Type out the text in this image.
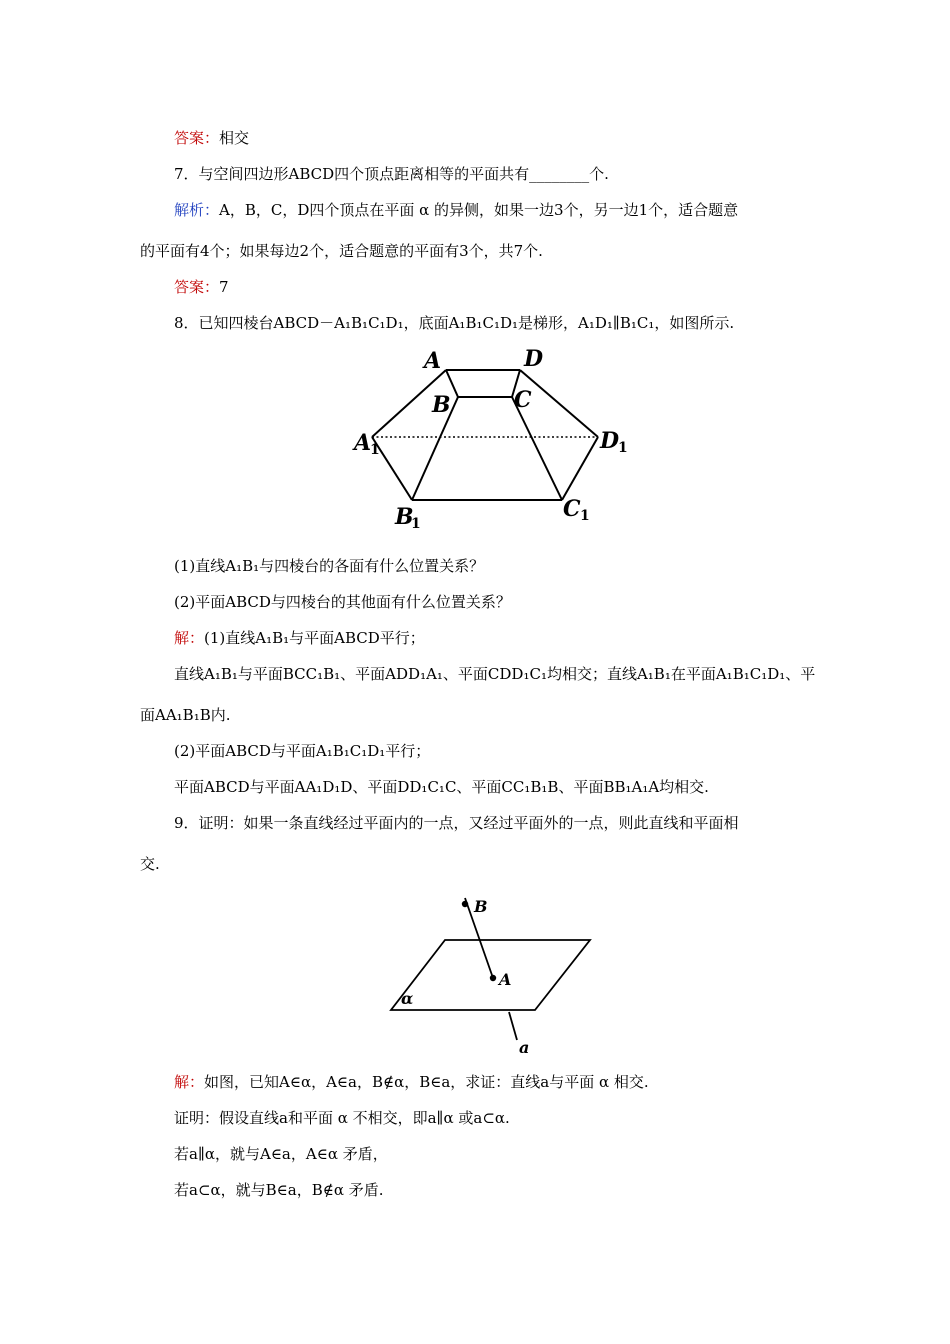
答案：相交
7．与空间四边形ABCD四个顶点距离相等的平面共有________个.
解析：A，B，C，D四个顶点在平面 α 的异侧，如果一边3个，另一边1个，适合题意
的平面有4个；如果每边2个，适合题意的平面有3个，共7个.
答案：7
8．已知四棱台ABCD－A₁B₁C₁D₁，底面A₁B₁C₁D₁是梯形，A₁D₁∥B₁C₁，如图所示.
A	D
B	C
A
1	D
1
B
1
C 1
(1)直线A₁B₁与四棱台的各面有什么位置关系？
(2)平面ABCD与四棱台的其他面有什么位置关系？
解：(1)直线A₁B₁与平面ABCD平行；
直线A₁B₁与平面BCC₁B₁、平面ADD₁A₁、平面CDD₁C₁均相交；直线A₁B₁在平面A₁B₁C₁D₁、平
面AA₁B₁B内.
(2)平面ABCD与平面A₁B₁C₁D₁平行；
平面ABCD与平面AA₁D₁D、平面DD₁C₁C、平面CC₁B₁B、平面BB₁A₁A均相交.
9．证明：如果一条直线经过平面内的一点，又经过平面外的一点，则此直线和平面相
交.
B
A
α
a
解：如图，已知A∈α，A∈a，B∉α，B∈a，求证：直线a与平面 α 相交.
证明：假设直线a和平面 α 不相交，即a∥α 或a⊂α.
若a∥α，就与A∈a，A∈α 矛盾，
若a⊂α，就与B∈a，B∉α 矛盾.
